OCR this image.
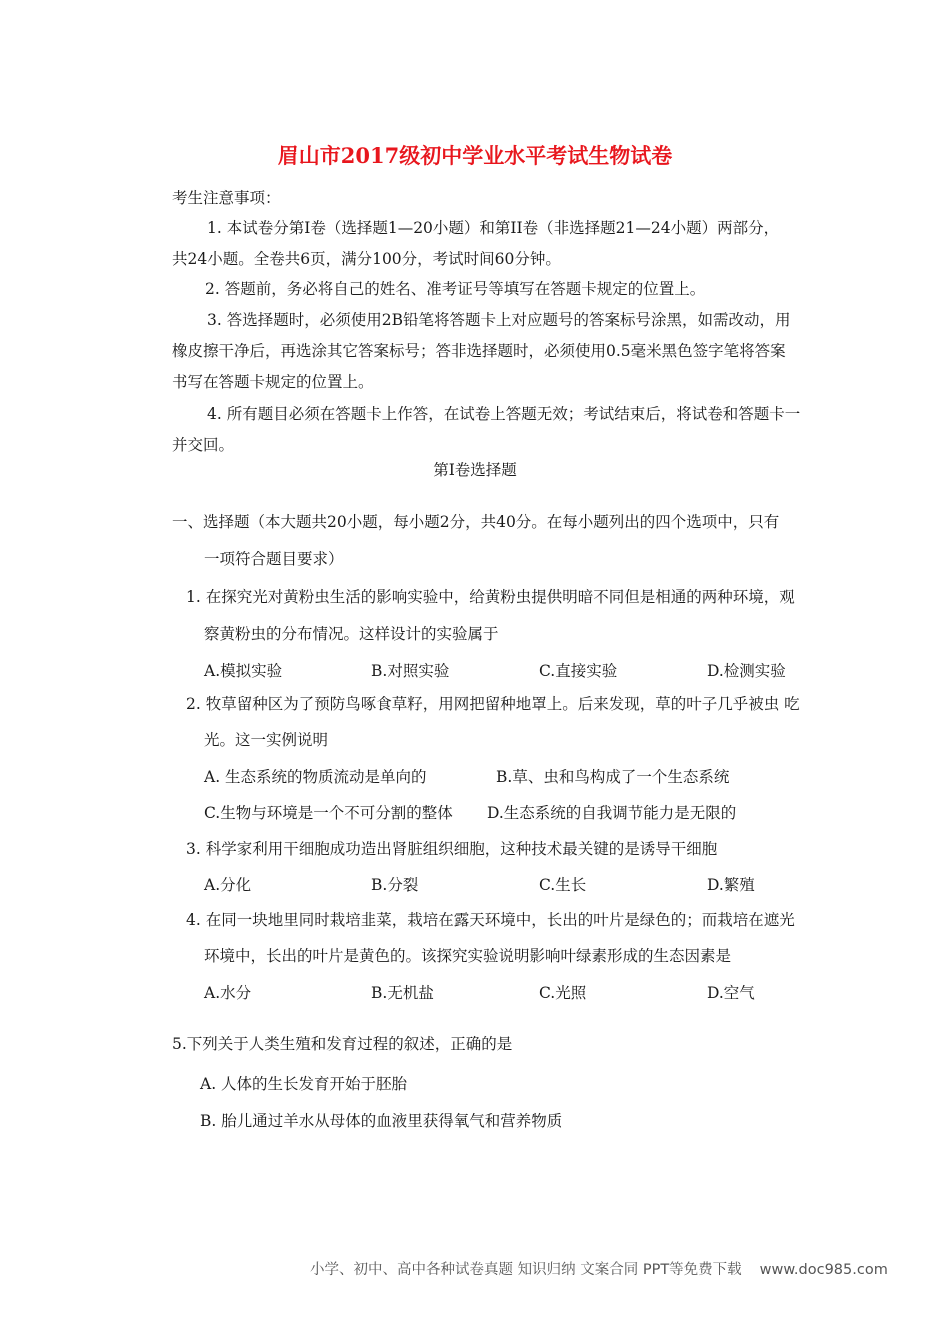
眉山市2017级初中学业水平考试生物试卷
考生注意事项：
1. 本试卷分第Ⅰ卷（选择题1—20小题）和第II卷（非选择题21—24小题）两部分，
共24小题。全卷共6页，满分100分，考试时间60分钟。
2. 答题前，务必将自己的姓名、准考证号等填写在答题卡规定的位置上。
3. 答选择题时，必须使用2B铅笔将答题卡上对应题号的答案标号涂黑，如需改动，用
橡皮擦干净后，再选涂其它答案标号；答非选择题时，必须使用0.5毫米黑色签字笔将答案
书写在答题卡规定的位置上。
4. 所有题目必须在答题卡上作答，在试卷上答题无效；考试结束后，将试卷和答题卡一
并交回。
第Ⅰ卷选择题
一、选择题（本大题共20小题，每小题2分，共40分。在每小题列出的四个选项中，只有
一项符合题目要求）
1. 在探究光对黄粉虫生活的影响实验中，给黄粉虫提供明暗不同但是相通的两种环境，观
察黄粉虫的分布情况。这样设计的实验属于
A.模拟实验	B.对照实验	C.直接实验	D.检测实验
2. 牧草留种区为了预防鸟啄食草籽，用网把留种地罩上。后来发现，草的叶子几乎被虫 吃
光。这一实例说明
A. 生态系统的物质流动是单向的	B.草、虫和鸟构成了一个生态系统
C.生物与环境是一个不可分割的整体 D.生态系统的自我调节能力是无限的
3. 科学家利用干细胞成功造出肾脏组织细胞，这种技术最关键的是诱导干细胞
A.分化	B.分裂	C.生长	D.繁殖
4. 在同一块地里同时栽培韭菜，栽培在露天环境中，长出的叶片是绿色的；而栽培在遮光
环境中，长出的叶片是黄色的。该探究实验说明影响叶绿素形成的生态因素是
A.水分	B.无机盐	C.光照	D.空气
5.下列关于人类生殖和发育过程的叙述，正确的是
A. 人体的生长发育开始于胚胎
B. 胎儿通过羊水从母体的血液里获得氧气和营养物质
小学、初中、高中各种试卷真题 知识归纳 文案合同 PPT等免费下载 www.doc985.com
